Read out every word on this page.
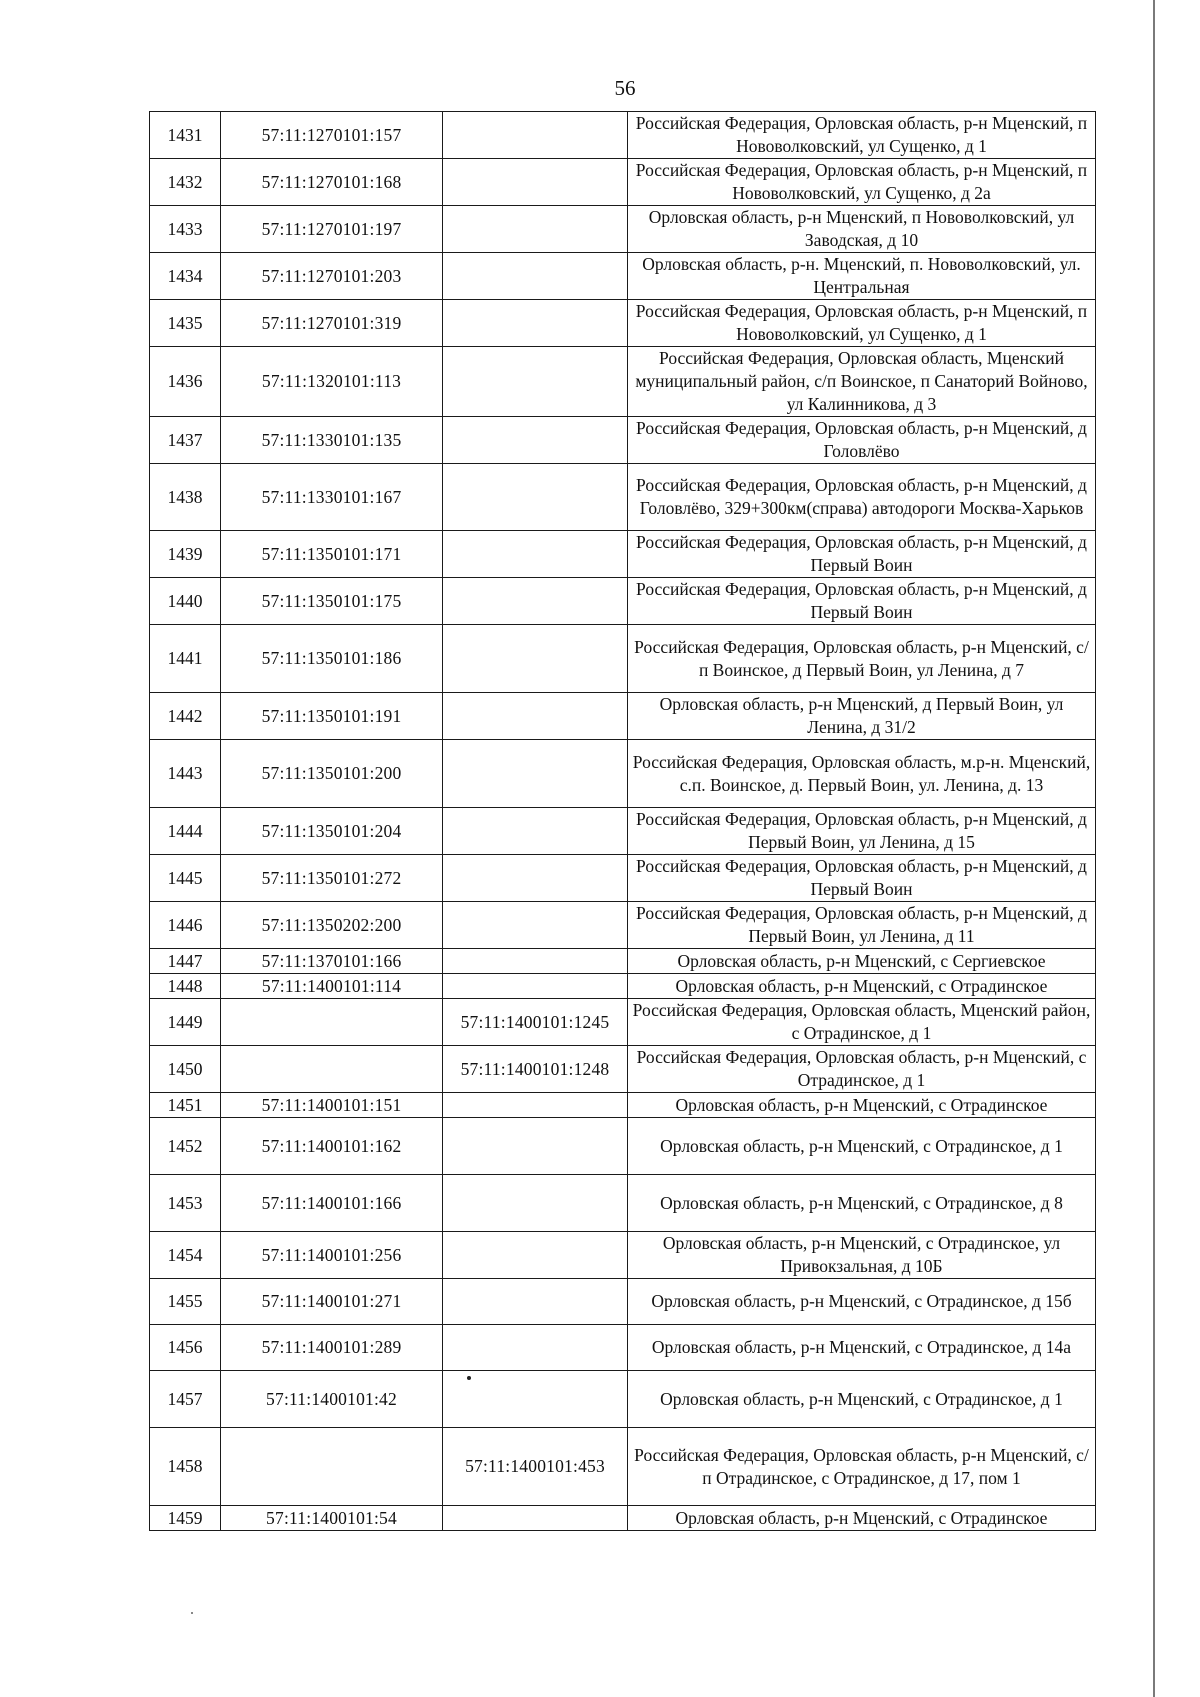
56
1431	57:11:1270101:157		Российская Федерация, Орловская область, р-н Мценский, п Нововолковский, ул Сущенко, д 1
1432	57:11:1270101:168		Российская Федерация, Орловская область, р-н Мценский, п Нововолковский, ул Сущенко, д 2а
1433	57:11:1270101:197		Орловская область, р-н Мценский, п Нововолковский, ул Заводская, д 10
1434	57:11:1270101:203		Орловская область, р-н. Мценский, п. Нововолковский, ул. Центральная
1435	57:11:1270101:319		Российская Федерация, Орловская область, р-н Мценский, п Нововолковский, ул Сущенко, д 1
1436	57:11:1320101:113		Российская Федерация, Орловская область, Мценский муниципальный район, с/п Воинское, п Санаторий Войново, ул Калинникова, д 3
1437	57:11:1330101:135		Российская Федерация, Орловская область, р-н Мценский, д Головлёво
1438	57:11:1330101:167		Российская Федерация, Орловская область, р-н Мценский, д Головлёво, 329+300км(справа) автодороги Москва-Харьков
1439	57:11:1350101:171		Российская Федерация, Орловская область, р-н Мценский, д Первый Воин
1440	57:11:1350101:175		Российская Федерация, Орловская область, р-н Мценский, д Первый Воин
1441	57:11:1350101:186		Российская Федерация, Орловская область, р-н Мценский, с/п Воинское, д Первый Воин, ул Ленина, д 7
1442	57:11:1350101:191		Орловская область, р-н Мценский, д Первый Воин, ул Ленина, д 31/2
1443	57:11:1350101:200		Российская Федерация, Орловская область, м.р-н. Мценский, с.п. Воинское, д. Первый Воин, ул. Ленина, д. 13
1444	57:11:1350101:204		Российская Федерация, Орловская область, р-н Мценский, д Первый Воин, ул Ленина, д 15
1445	57:11:1350101:272		Российская Федерация, Орловская область, р-н Мценский, д Первый Воин
1446	57:11:1350202:200		Российская Федерация, Орловская область, р-н Мценский, д Первый Воин, ул Ленина, д 11
1447	57:11:1370101:166		Орловская область, р-н Мценский, с Сергиевское
1448	57:11:1400101:114		Орловская область, р-н Мценский, с Отрадинское
1449		57:11:1400101:1245	Российская Федерация, Орловская область, Мценский район, с Отрадинское, д 1
1450		57:11:1400101:1248	Российская Федерация, Орловская область, р-н Мценский, с Отрадинское, д 1
1451	57:11:1400101:151		Орловская область, р-н Мценский, с Отрадинское
1452	57:11:1400101:162		Орловская область, р-н Мценский, с Отрадинское, д 1
1453	57:11:1400101:166		Орловская область, р-н Мценский, с Отрадинское, д 8
1454	57:11:1400101:256		Орловская область, р-н Мценский, с Отрадинское, ул Привокзальная, д 10Б
1455	57:11:1400101:271		Орловская область, р-н Мценский, с Отрадинское, д 15б
1456	57:11:1400101:289		Орловская область, р-н Мценский, с Отрадинское, д 14а
1457	57:11:1400101:42		Орловская область, р-н Мценский, с Отрадинское, д 1
1458		57:11:1400101:453	Российская Федерация, Орловская область, р-н Мценский, с/п Отрадинское, с Отрадинское, д 17, пом 1
1459	57:11:1400101:54		Орловская область, р-н Мценский, с Отрадинское
